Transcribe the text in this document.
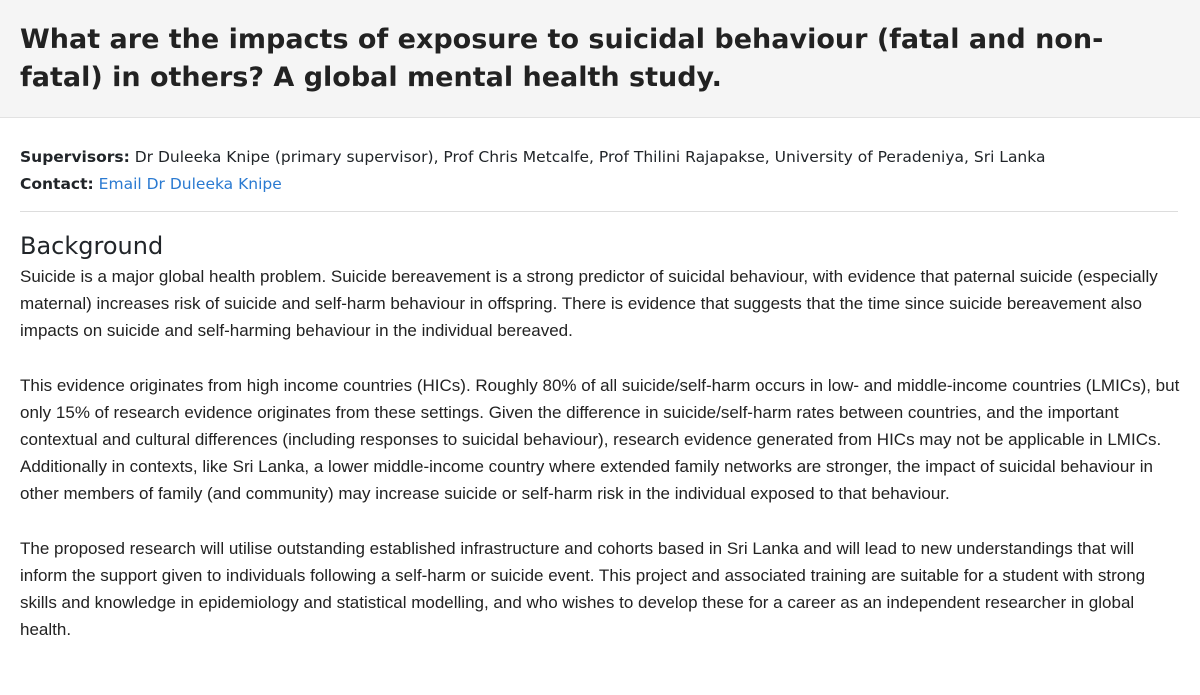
What are the impacts of exposure to suicidal behaviour (fatal and non-fatal) in others? A global mental health study.
Supervisors: Dr Duleeka Knipe (primary supervisor), Prof Chris Metcalfe, Prof Thilini Rajapakse, University of Peradeniya, Sri Lanka
Contact: Email Dr Duleeka Knipe
Background

Suicide is a major global health problem. Suicide bereavement is a strong predictor of suicidal behaviour, with evidence that paternal suicide (especially maternal) increases risk of suicide and self-harm behaviour in offspring. There is evidence that suggests that the time since suicide bereavement also impacts on suicide and self-harming behaviour in the individual bereaved.

This evidence originates from high income countries (HICs). Roughly 80% of all suicide/self-harm occurs in low- and middle-income countries (LMICs), but only 15% of research evidence originates from these settings. Given the difference in suicide/self-harm rates between countries, and the important contextual and cultural differences (including responses to suicidal behaviour), research evidence generated from HICs may not be applicable in LMICs. Additionally in contexts, like Sri Lanka, a lower middle-income country where extended family networks are stronger, the impact of suicidal behaviour in other members of family (and community) may increase suicide or self-harm risk in the individual exposed to that behaviour.

The proposed research will utilise outstanding established infrastructure and cohorts based in Sri Lanka and will lead to new understandings that will inform the support given to individuals following a self-harm or suicide event. This project and associated training are suitable for a student with strong skills and knowledge in epidemiology and statistical modelling, and who wishes to develop these for a career as an independent researcher in global health.
